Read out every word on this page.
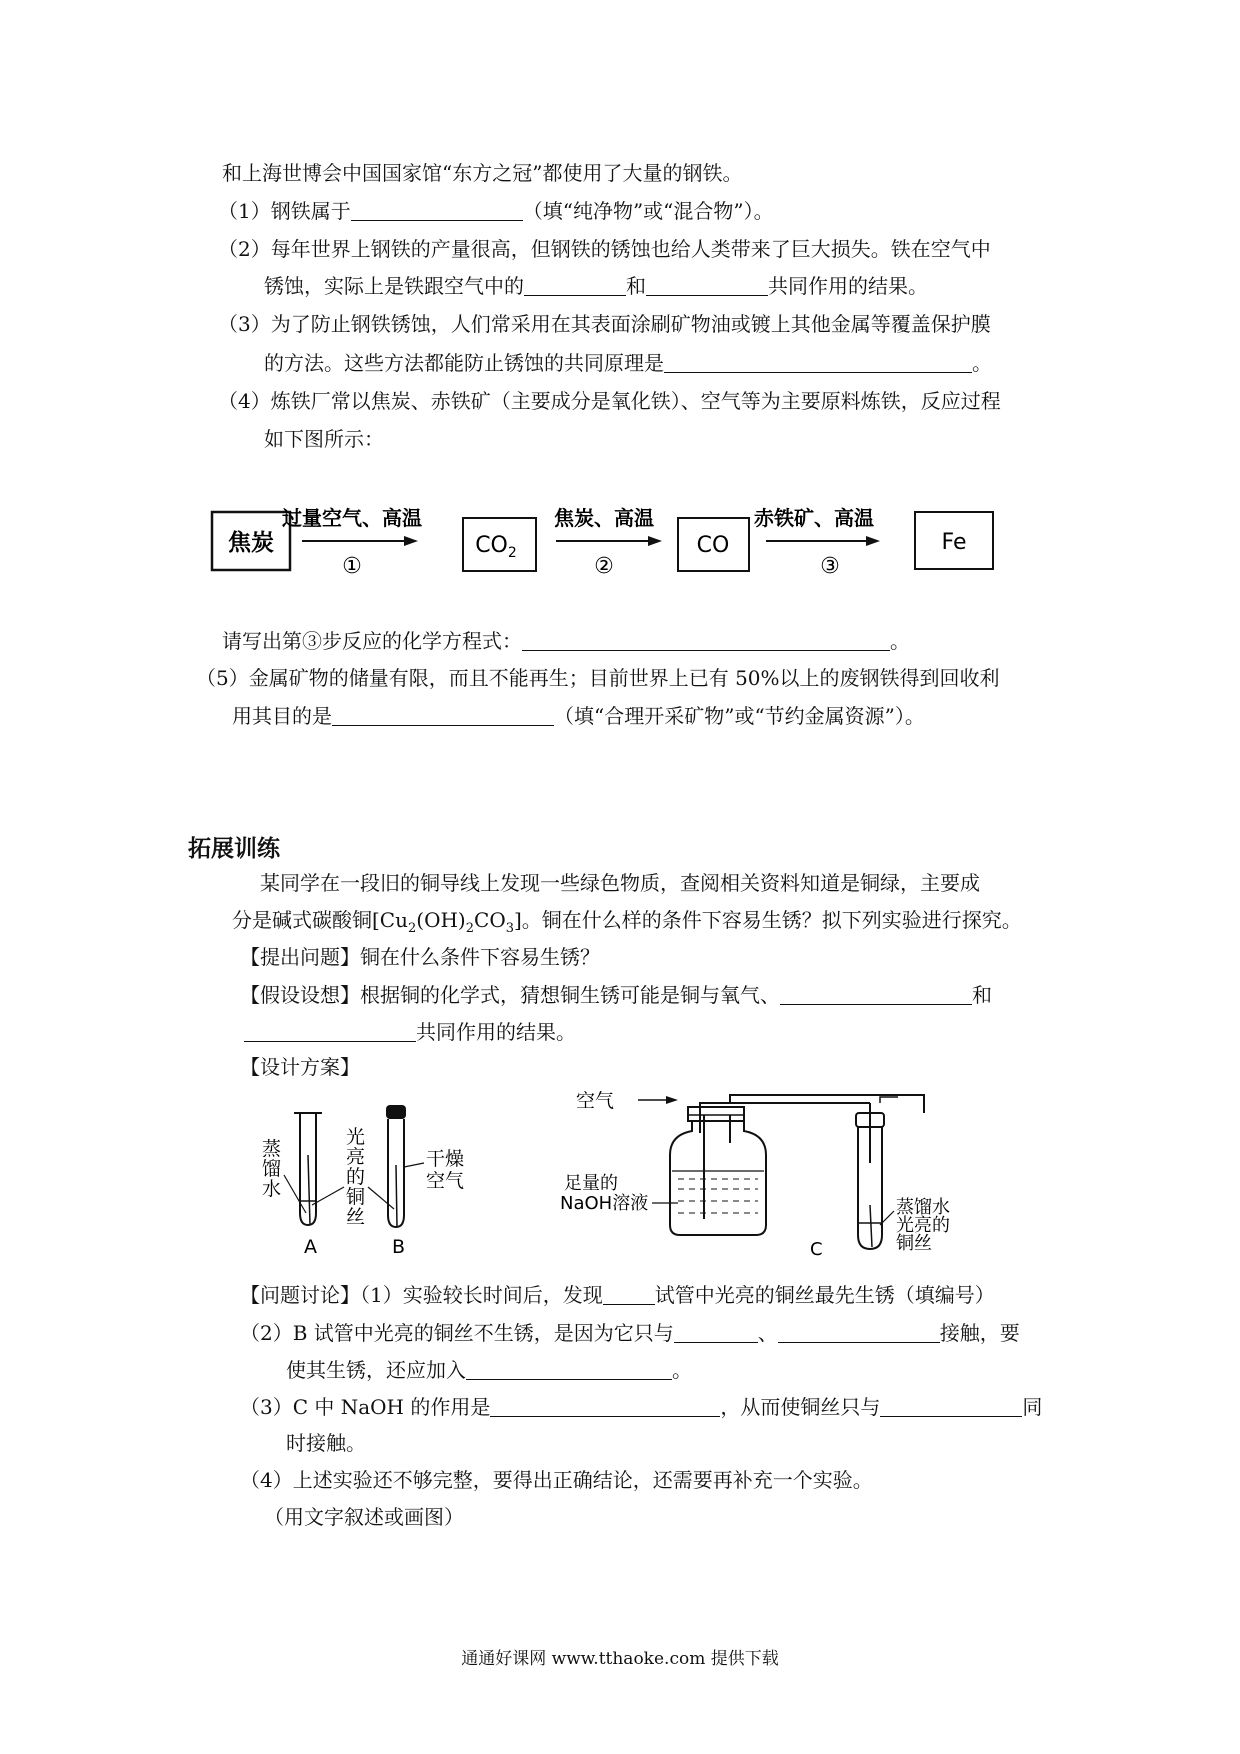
和上海世博会中国国家馆“东方之冠”都使用了大量的钢铁。
（1）钢铁属于	（填“纯净物”或“混合物”）。
（2）每年世界上钢铁的产量很高，但钢铁的锈蚀也给人类带来了巨大损失。铁在空气中
锈蚀，实际上是铁跟空气中的	和	共同作用的结果。
（3）为了防止钢铁锈蚀，人们常采用在其表面涂刷矿物油或镀上其他金属等覆盖保护膜
的方法。这些方法都能防止锈蚀的共同原理是	。
（4）炼铁厂常以焦炭、赤铁矿（主要成分是氧化铁）、空气等为主要原料炼铁，反应过程
如下图所示：
焦炭
过量空气、高温
①
$CO_2$
焦炭、高温
②
CO
赤铁矿、高温
③
Fe
请写出第③步反应的化学方程式：	。
（5）金属矿物的储量有限，而且不能再生；目前世界上已有 50%以上的废钢铁得到回收利
用其目的是	（填“合理开采矿物”或“节约金属资源”）。
拓展训练
某同学在一段旧的铜导线上发现一些绿色物质，查阅相关资料知道是铜绿，主要成
分是碱式碳酸铜$[Cu_2(OH)_2CO_3]$。铜在什么样的条件下容易生锈？拟下列实验进行探究。
【提出问题】铜在什么条件下容易生锈？
【假设设想】根据铜的化学式，猜想铜生锈可能是铜与氧气、	和
共同作用的结果。
【设计方案】
蒸
馏
水
光
亮
的
铜
丝
干燥
空气
A	B
空气
足量的
NaOH溶液	蒸馏水
光亮的
铜丝
C
【问题讨论】（1）实验较长时间后，发现	试管中光亮的铜丝最先生锈（填编号）
（2）B 试管中光亮的铜丝不生锈，是因为它只与	、	接触，要
使其生锈，还应加入	。
（3）C 中 NaOH 的作用是	，从而使铜丝只与	同
时接触。
（4）上述实验还不够完整，要得出正确结论，还需要再补充一个实验。
（用文字叙述或画图）
通通好课网 www.tthaoke.com 提供下载
